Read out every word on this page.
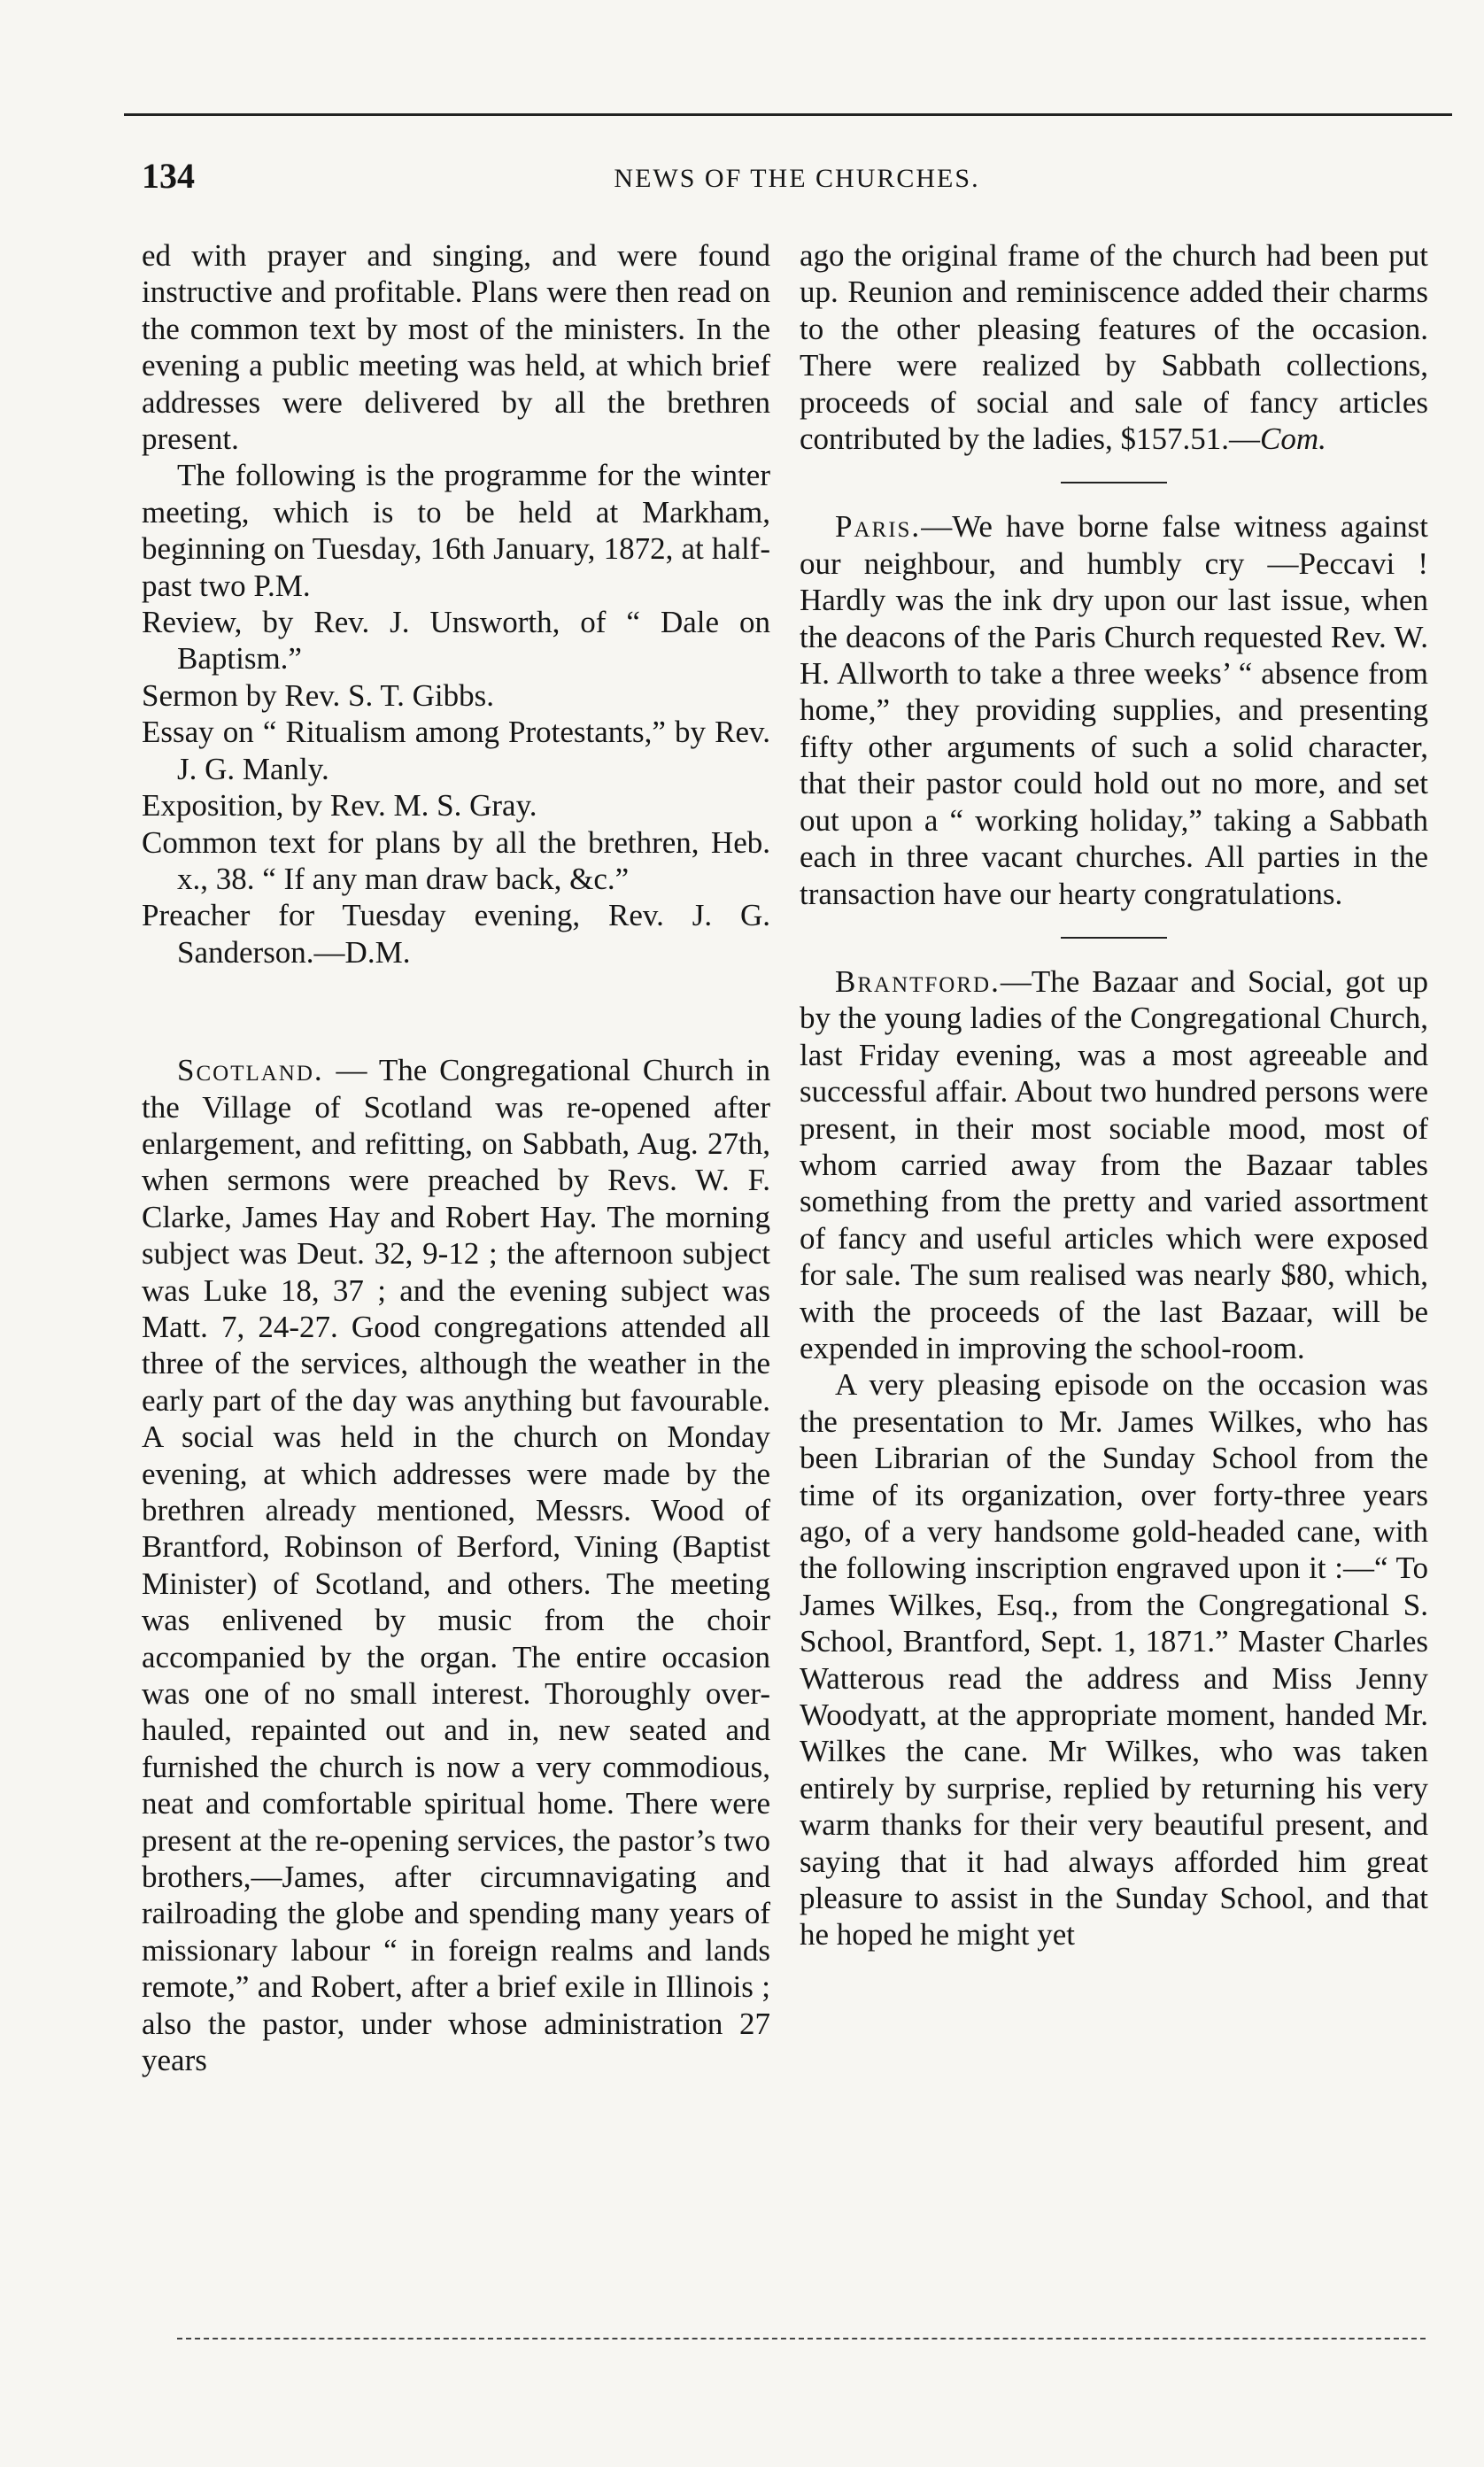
134	NEWS OF THE CHURCHES.

ed with prayer and singing, and were found instructive and profitable. Plans were then read on the common text by most of the ministers. In the evening a public meeting was held, at which brief addresses were delivered by all the brethren present.

The following is the programme for the winter meeting, which is to be held at Markham, beginning on Tuesday, 16th January, 1872, at half-past two P.M.

Review, by Rev. J. Unsworth, of “ Dale on Baptism.”

Sermon by Rev. S. T. Gibbs.

Essay on “ Ritualism among Protestants,” by Rev. J. G. Manly.

Exposition, by Rev. M. S. Gray.

Common text for plans by all the brethren, Heb. x., 38. “ If any man draw back, &c.”

Preacher for Tuesday evening, Rev. J. G. Sanderson.—D.M.

Scotland. — The Congregational Church in the Village of Scotland was re-opened after enlargement, and refitting, on Sabbath, Aug. 27th, when sermons were preached by Revs. W. F. Clarke, James Hay and Robert Hay. The morning subject was Deut. 32, 9-12 ; the afternoon subject was Luke 18, 37 ; and the evening subject was Matt. 7, 24-27. Good congregations attended all three of the services, although the weather in the early part of the day was anything but favourable. A social was held in the church on Monday evening, at which addresses were made by the brethren already mentioned, Messrs. Wood of Brantford, Robinson of Berford, Vining (Baptist Minister) of Scotland, and others. The meeting was enlivened by music from the choir accompanied by the organ. The entire occasion was one of no small interest. Thoroughly over-hauled, repainted out and in, new seated and furnished the church is now a very commodious, neat and comfortable spiritual home. There were present at the re-opening services, the pastor’s two brothers,—James, after circumnavigating and railroading the globe and spending many years of missionary labour “ in foreign realms and lands remote,” and Robert, after a brief exile in Illinois ; also the pastor, under whose administration 27 years

ago the original frame of the church had been put up. Reunion and reminiscence added their charms to the other pleasing features of the occasion. There were realized by Sabbath collections, proceeds of social and sale of fancy articles contributed by the ladies, $157.51.—Com.

Paris.—We have borne false witness against our neighbour, and humbly cry —Peccavi ! Hardly was the ink dry upon our last issue, when the deacons of the Paris Church requested Rev. W. H. Allworth to take a three weeks’ “ absence from home,” they providing supplies, and presenting fifty other arguments of such a solid character, that their pastor could hold out no more, and set out upon a “ working holiday,” taking a Sabbath each in three vacant churches. All parties in the transaction have our hearty congratulations.

Brantford.—The Bazaar and Social, got up by the young ladies of the Congregational Church, last Friday evening, was a most agreeable and successful affair. About two hundred persons were present, in their most sociable mood, most of whom carried away from the Bazaar tables something from the pretty and varied assortment of fancy and useful articles which were exposed for sale. The sum realised was nearly $80, which, with the proceeds of the last Bazaar, will be expended in improving the school-room.

A very pleasing episode on the occasion was the presentation to Mr. James Wilkes, who has been Librarian of the Sunday School from the time of its organization, over forty-three years ago, of a very handsome gold-headed cane, with the following inscription engraved upon it :—“ To James Wilkes, Esq., from the Congregational S. School, Brantford, Sept. 1, 1871.” Master Charles Watterous read the address and Miss Jenny Woodyatt, at the appropriate moment, handed Mr. Wilkes the cane. Mr Wilkes, who was taken entirely by surprise, replied by returning his very warm thanks for their very beautiful present, and saying that it had always afforded him great pleasure to assist in the Sunday School, and that he hoped he might yet
